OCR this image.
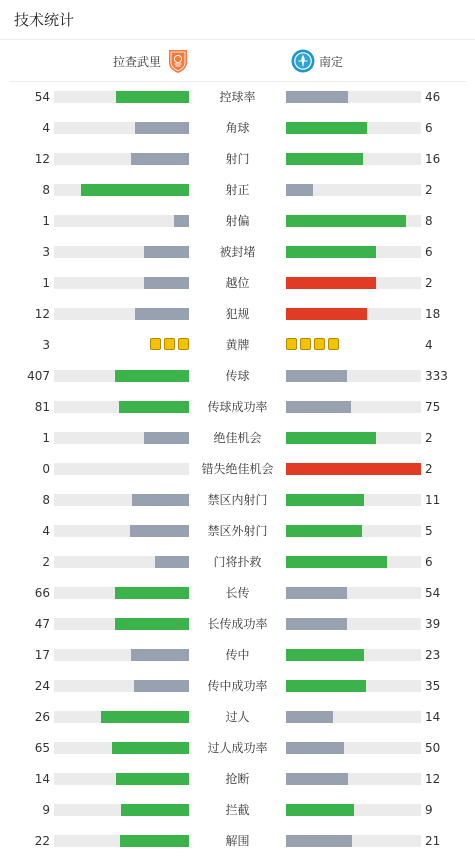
技术统计
拉查武里	南定
54	控球率	46
4	角球	6
12	射门	16
8	射正	2
1	射偏	8
3	被封堵	6
1	越位	2
12	犯规	18
3	黄牌	4
407	传球	333
81	传球成功率	75
1	绝佳机会	2
0	错失绝佳机会	2
8	禁区内射门	11
4	禁区外射门	5
2	门将扑救	6
66	长传	54
47	长传成功率	39
17	传中	23
24	传中成功率	35
26	过人	14
65	过人成功率	50
14	抢断	12
9	拦截	9
22	解围	21
